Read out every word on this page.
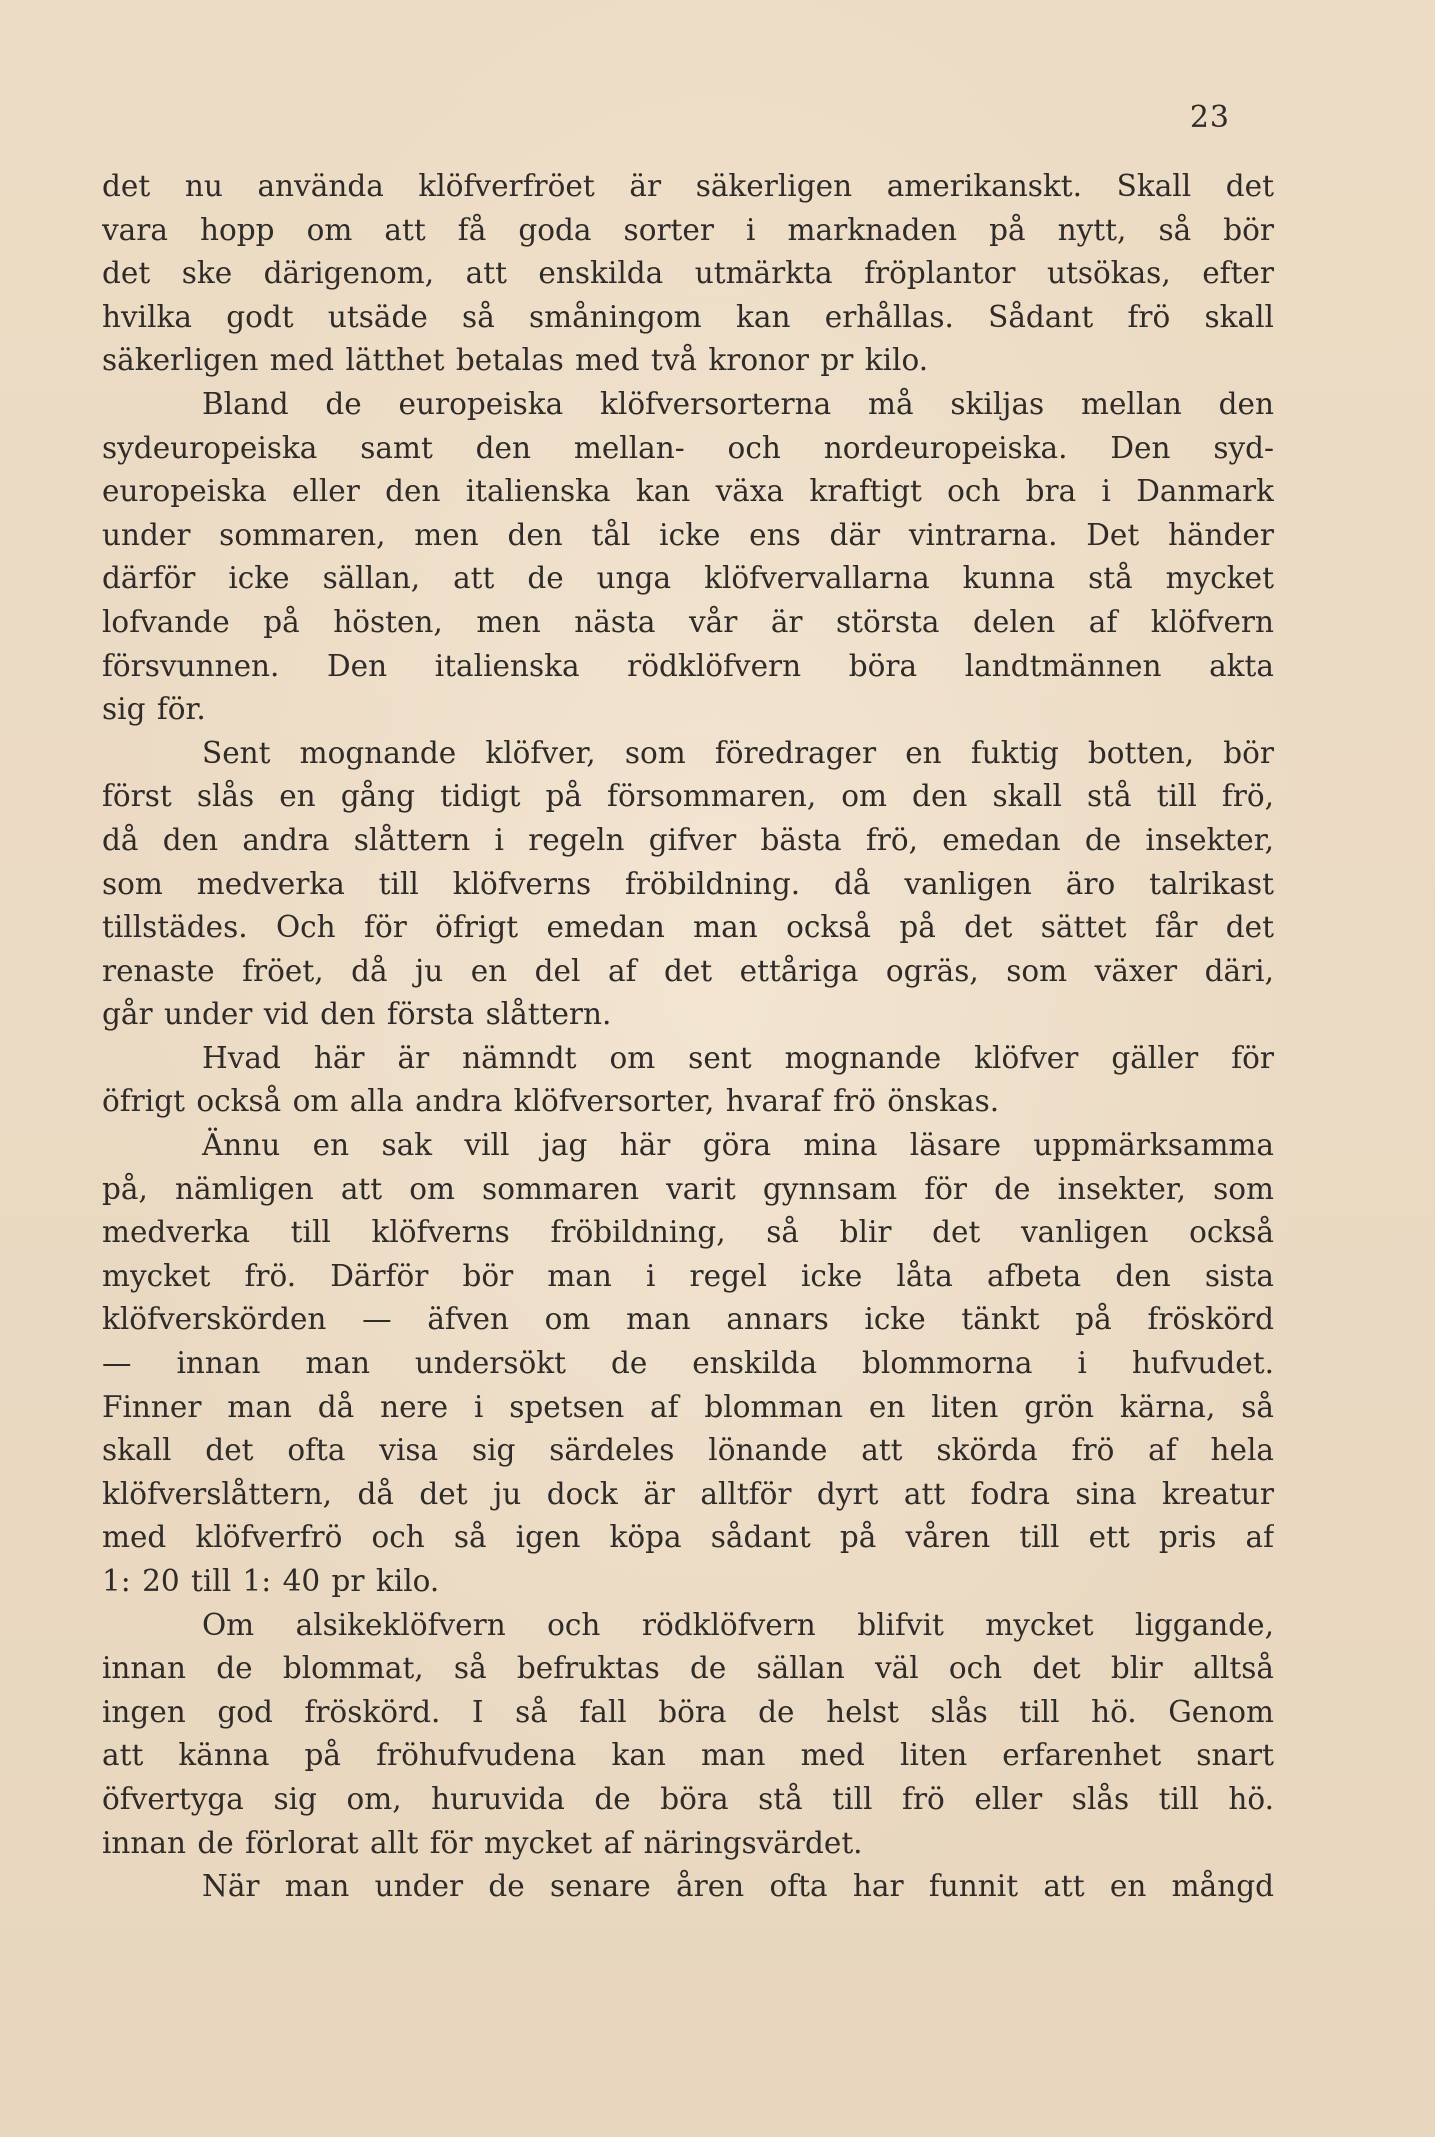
23
det nu använda klöfverfröet är säkerligen amerikanskt. Skall det
vara hopp om att få goda sorter i marknaden på nytt, så bör
det ske därigenom, att enskilda utmärkta fröplantor utsökas, efter
hvilka godt utsäde så småningom kan erhållas. Sådant frö skall
säkerligen med lätthet betalas med två kronor pr kilo.
Bland de europeiska klöfversorterna må skiljas mellan den
sydeuropeiska samt den mellan- och nordeuropeiska. Den syd-
europeiska eller den italienska kan växa kraftigt och bra i Danmark
under sommaren, men den tål icke ens där vintrarna. Det händer
därför icke sällan, att de unga klöfvervallarna kunna stå mycket
lofvande på hösten, men nästa vår är största delen af klöfvern
försvunnen. Den italienska rödklöfvern böra landtmännen akta
sig för.
Sent mognande klöfver, som föredrager en fuktig botten, bör
först slås en gång tidigt på försommaren, om den skall stå till frö,
då den andra slåttern i regeln gifver bästa frö, emedan de insekter,
som medverka till klöfverns fröbildning. då vanligen äro talrikast
tillstädes. Och för öfrigt emedan man också på det sättet får det
renaste fröet, då ju en del af det ettåriga ogräs, som växer däri,
går under vid den första slåttern.
Hvad här är nämndt om sent mognande klöfver gäller för
öfrigt också om alla andra klöfversorter, hvaraf frö önskas.
Ännu en sak vill jag här göra mina läsare uppmärksamma
på, nämligen att om sommaren varit gynnsam för de insekter, som
medverka till klöfverns fröbildning, så blir det vanligen också
mycket frö. Därför bör man i regel icke låta afbeta den sista
klöfverskörden — äfven om man annars icke tänkt på fröskörd
— innan man undersökt de enskilda blommorna i hufvudet.
Finner man då nere i spetsen af blomman en liten grön kärna, så
skall det ofta visa sig särdeles lönande att skörda frö af hela
klöfverslåttern, då det ju dock är alltför dyrt att fodra sina kreatur
med klöfverfrö och så igen köpa sådant på våren till ett pris af
1: 20 till 1: 40 pr kilo.
Om alsikeklöfvern och rödklöfvern blifvit mycket liggande,
innan de blommat, så befruktas de sällan väl och det blir alltså
ingen god fröskörd. I så fall böra de helst slås till hö. Genom
att känna på fröhufvudena kan man med liten erfarenhet snart
öfvertyga sig om, huruvida de böra stå till frö eller slås till hö.
innan de förlorat allt för mycket af näringsvärdet.
När man under de senare åren ofta har funnit att en mångd
